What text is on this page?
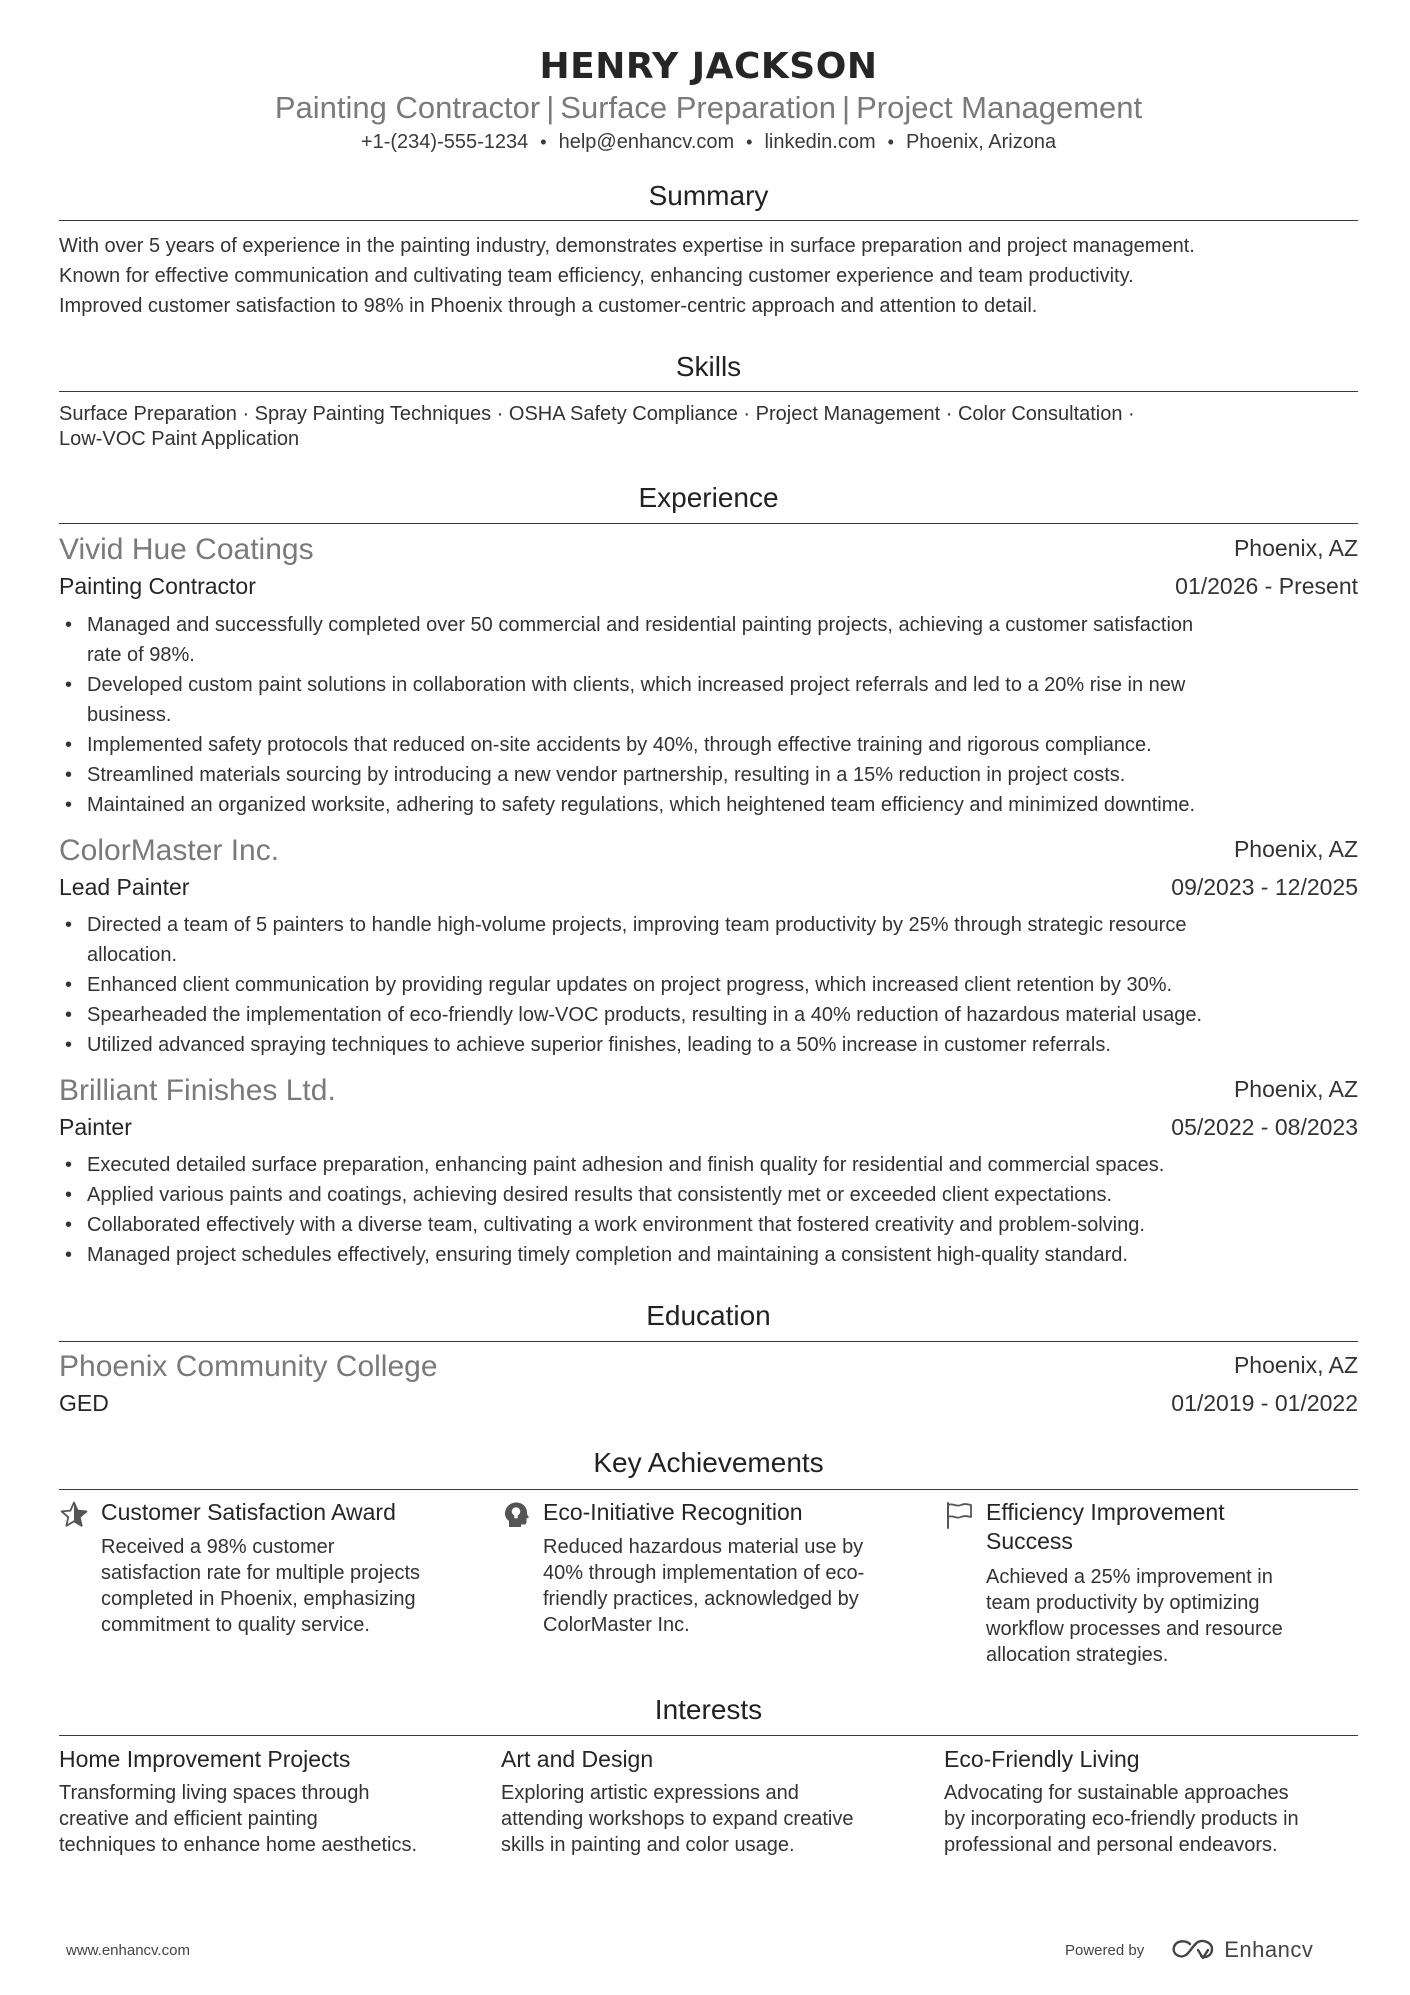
HENRY JACKSON
Painting Contractor | Surface Preparation | Project Management
+1-(234)-555-1234 • help@enhancv.com • linkedin.com • Phoenix, Arizona
Summary
With over 5 years of experience in the painting industry, demonstrates expertise in surface preparation and project management.
Known for effective communication and cultivating team efficiency, enhancing customer experience and team productivity.
Improved customer satisfaction to 98% in Phoenix through a customer-centric approach and attention to detail.
Skills
Surface Preparation · Spray Painting Techniques · OSHA Safety Compliance · Project Management · Color Consultation ·
Low-VOC Paint Application
Experience
Vivid Hue Coatings	Phoenix, AZ
Painting Contractor	01/2026 - Present
• Managed and successfully completed over 50 commercial and residential painting projects, achieving a customer satisfaction
rate of 98%.
• Developed custom paint solutions in collaboration with clients, which increased project referrals and led to a 20% rise in new
business.
• Implemented safety protocols that reduced on-site accidents by 40%, through effective training and rigorous compliance.
• Streamlined materials sourcing by introducing a new vendor partnership, resulting in a 15% reduction in project costs.
• Maintained an organized worksite, adhering to safety regulations, which heightened team efficiency and minimized downtime.
ColorMaster Inc.	Phoenix, AZ
Lead Painter	09/2023 - 12/2025
• Directed a team of 5 painters to handle high-volume projects, improving team productivity by 25% through strategic resource
allocation.
• Enhanced client communication by providing regular updates on project progress, which increased client retention by 30%.
• Spearheaded the implementation of eco-friendly low-VOC products, resulting in a 40% reduction of hazardous material usage.
• Utilized advanced spraying techniques to achieve superior finishes, leading to a 50% increase in customer referrals.
Brilliant Finishes Ltd.	Phoenix, AZ
Painter	05/2022 - 08/2023
• Executed detailed surface preparation, enhancing paint adhesion and finish quality for residential and commercial spaces.
• Applied various paints and coatings, achieving desired results that consistently met or exceeded client expectations.
• Collaborated effectively with a diverse team, cultivating a work environment that fostered creativity and problem-solving.
• Managed project schedules effectively, ensuring timely completion and maintaining a consistent high-quality standard.
Education
Phoenix Community College	Phoenix, AZ
GED	01/2019 - 01/2022
Key Achievements
Customer Satisfaction Award
Received a 98% customer
satisfaction rate for multiple projects
completed in Phoenix, emphasizing
commitment to quality service.
Eco-Initiative Recognition
Reduced hazardous material use by
40% through implementation of eco-
friendly practices, acknowledged by
ColorMaster Inc.
Efficiency Improvement
Success
Achieved a 25% improvement in
team productivity by optimizing
workflow processes and resource
allocation strategies.
Interests
Home Improvement Projects
Transforming living spaces through
creative and efficient painting
techniques to enhance home aesthetics.
Art and Design
Exploring artistic expressions and
attending workshops to expand creative
skills in painting and color usage.
Eco-Friendly Living
Advocating for sustainable approaches
by incorporating eco-friendly products in
professional and personal endeavors.
www.enhancv.com	Powered by	Enhancv
